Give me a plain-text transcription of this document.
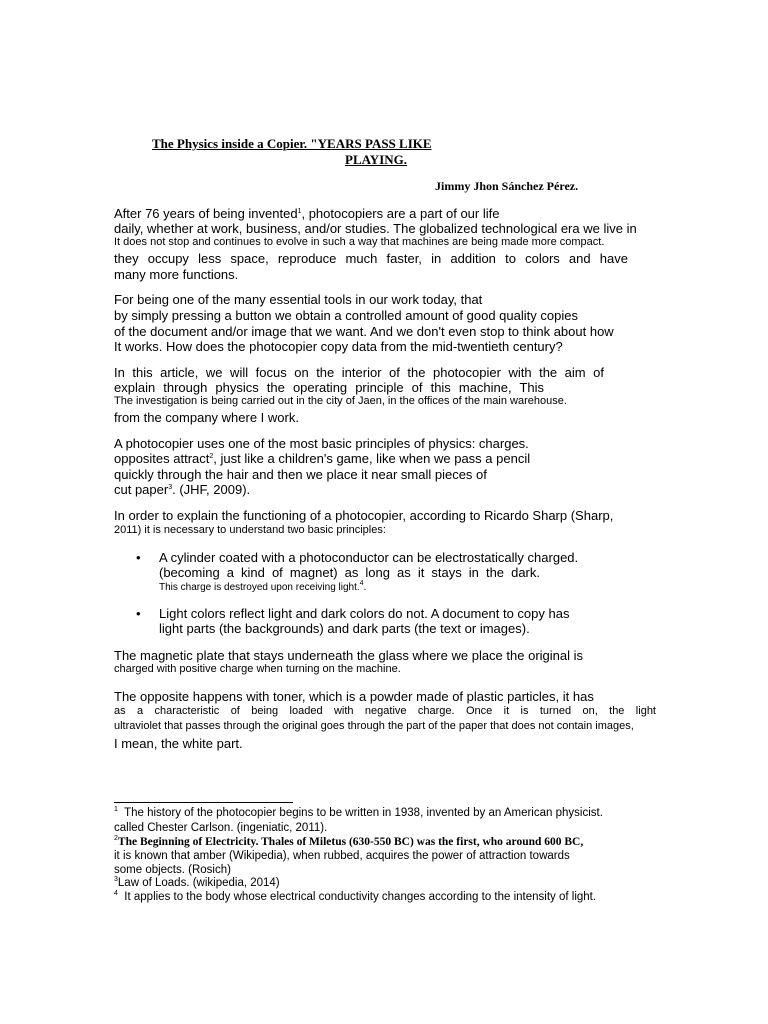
The Physics inside a Copier. "YEARS PASS LIKE
PLAYING.
Jimmy Jhon Sánchez Pérez.
After 76 years of being invented$^1$, photocopiers are a part of our life
daily, whether at work, business, and/or studies. The globalized technological era we live in
It does not stop and continues to evolve in such a way that machines are being made more compact.
they occupy less space, reproduce much faster, in addition to colors and have
many more functions.
For being one of the many essential tools in our work today, that
by simply pressing a button we obtain a controlled amount of good quality copies
of the document and/or image that we want. And we don't even stop to think about how
It works. How does the photocopier copy data from the mid-twentieth century?
In this article, we will focus on the interior of the photocopier with the aim of
explain through physics the operating principle of this machine, This
The investigation is being carried out in the city of Jaen, in the offices of the main warehouse.
from the company where I work.
A photocopier uses one of the most basic principles of physics: charges.
opposites attract$^2$, just like a children's game, like when we pass a pencil
quickly through the hair and then we place it near small pieces of
cut paper$^3$. (JHF, 2009).
In order to explain the functioning of a photocopier, according to Ricardo Sharp (Sharp,
2011) it is necessary to understand two basic principles:
• A cylinder coated with a photoconductor can be electrostatically charged.
(becoming a kind of magnet) as long as it stays in the dark.
This charge is destroyed upon receiving light.$^4$.
• Light colors reflect light and dark colors do not. A document to copy has
light parts (the backgrounds) and dark parts (the text or images).
The magnetic plate that stays underneath the glass where we place the original is
charged with positive charge when turning on the machine.
The opposite happens with toner, which is a powder made of plastic particles, it has
as a characteristic of being loaded with negative charge. Once it is turned on, the light
ultraviolet that passes through the original goes through the part of the paper that does not contain images,
I mean, the white part.
$^1$  The history of the photocopier begins to be written in 1938, invented by an American physicist.
called Chester Carlson. (ingeniatic, 2011).
$^2$The Beginning of Electricity. Thales of Miletus (630-550 BC) was the first, who around 600 BC,
it is known that amber (Wikipedia), when rubbed, acquires the power of attraction towards
some objects. (Rosich)
$^3$Law of Loads. (wikipedia, 2014)
$^4$  It applies to the body whose electrical conductivity changes according to the intensity of light.
